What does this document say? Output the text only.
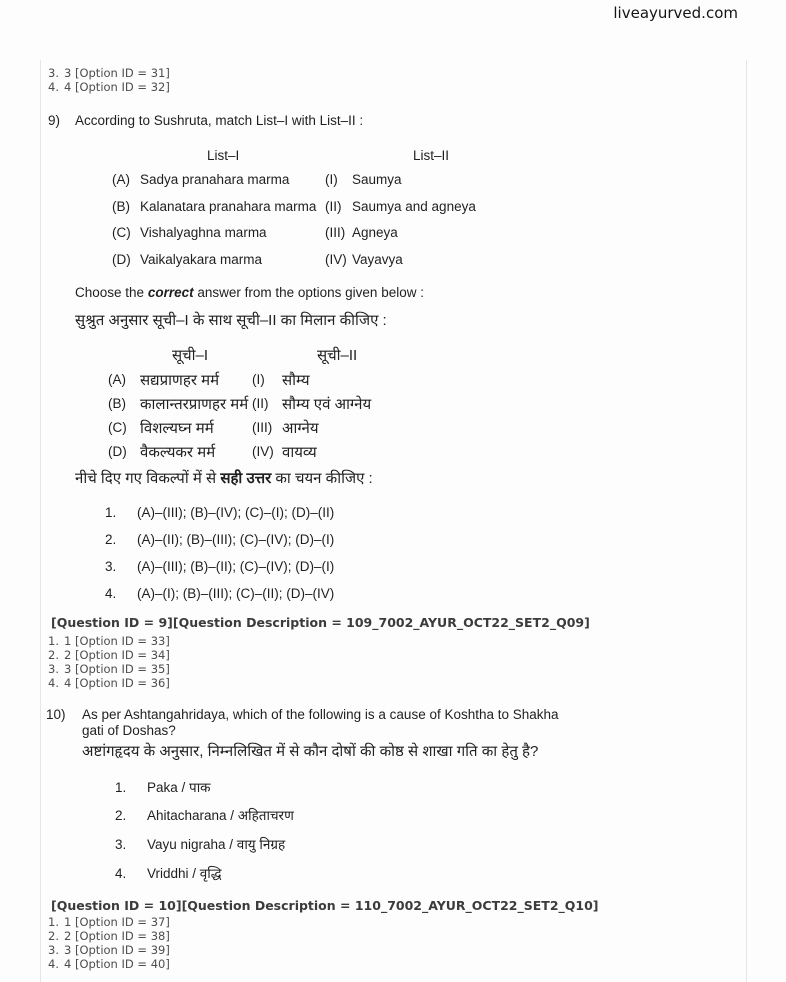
liveayurved.com
3. 3 [Option ID = 31]
4. 4 [Option ID = 32]
9)	According to Sushruta, match List–I with List–II :
List–I	List–II
(A) Sadya pranahara marma	(I)	Saumya
(B) Kalanatara pranahara marma (II) Saumya and agneya
(C) Vishalyaghna marma	(III) Agneya
(D) Vaikalyakara marma	(IV) Vayavya
Choose the correct answer from the options given below :
सुश्रुत अनुसार सूची–I के साथ सूची–II का मिलान कीजिए :
सूची–I	सूची–II
(A) सद्यप्राणहर मर्म	(I)	सौम्य
(B) कालान्तरप्राणहर मर्म (II) सौम्य एवं आग्नेय
(C) विशल्यघ्न मर्म	(III) आग्नेय
(D) वैकल्यकर मर्म	(IV) वायव्य
नीचे दिए गए विकल्पों में से सही उत्तर का चयन कीजिए :
1.	(A)–(III); (B)–(IV); (C)–(I); (D)–(II)
2.	(A)–(II); (B)–(III); (C)–(IV); (D)–(I)
3.	(A)–(III); (B)–(II); (C)–(IV); (D)–(I)
4.	(A)–(I); (B)–(III); (C)–(II); (D)–(IV)
[Question ID = 9][Question Description = 109_7002_AYUR_OCT22_SET2_Q09]
1. 1 [Option ID = 33]
2. 2 [Option ID = 34]
3. 3 [Option ID = 35]
4. 4 [Option ID = 36]
10)	As per Ashtangahridaya, which of the following is a cause of Koshtha to Shakha
gati of Doshas?
अष्टांगहृदय के अनुसार, निम्नलिखित में से कौन दोषों की कोष्ठ से शाखा गति का हेतु है?
1.	Paka / पाक
2.	Ahitacharana / अहिताचरण
3.	Vayu nigraha / वायु निग्रह
4.	Vriddhi / वृद्धि
[Question ID = 10][Question Description = 110_7002_AYUR_OCT22_SET2_Q10]
1. 1 [Option ID = 37]
2. 2 [Option ID = 38]
3. 3 [Option ID = 39]
4. 4 [Option ID = 40]
